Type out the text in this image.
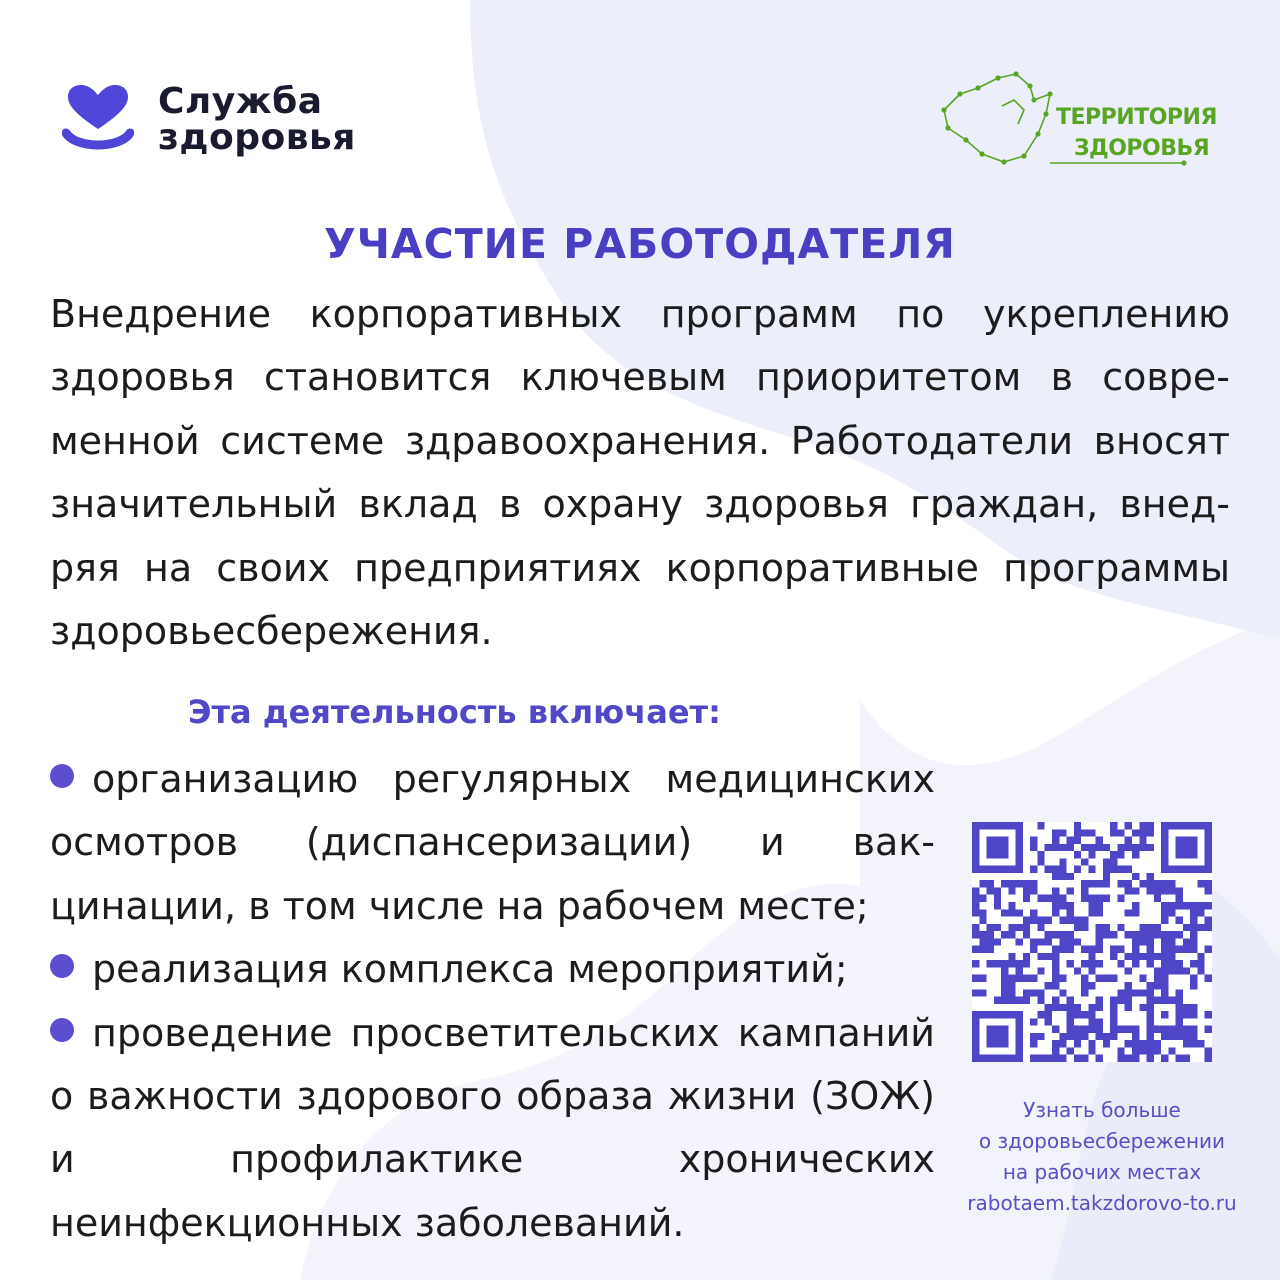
Служба
здоровья	ТЕРРИТОРИЯ
ЗДОРОВЬЯ
УЧАСТИЕ РАБОТОДАТЕЛЯ

Внедрение корпоративных программ по укреплению здоровья становится ключевым приоритетом в современной системе здравоохранения. Работодатели вносят значительный вклад в охрану здоровья граждан, внедряя на своих предприятиях корпоративные программы здоровьесбережения.

Эта деятельность включает:
организацию регулярных медицинских осмотров (диспансеризации) и вакцинации, в том числе на рабочем месте;
реализация комплекса мероприятий;
проведение просветительских кампаний о важности здорового образа жизни (ЗОЖ) и профилактике хронических неинфекционных заболеваний.
Узнать больше
о здоровьесбережении
на рабочих местах
rabotaem.takzdorovo-to.ru
